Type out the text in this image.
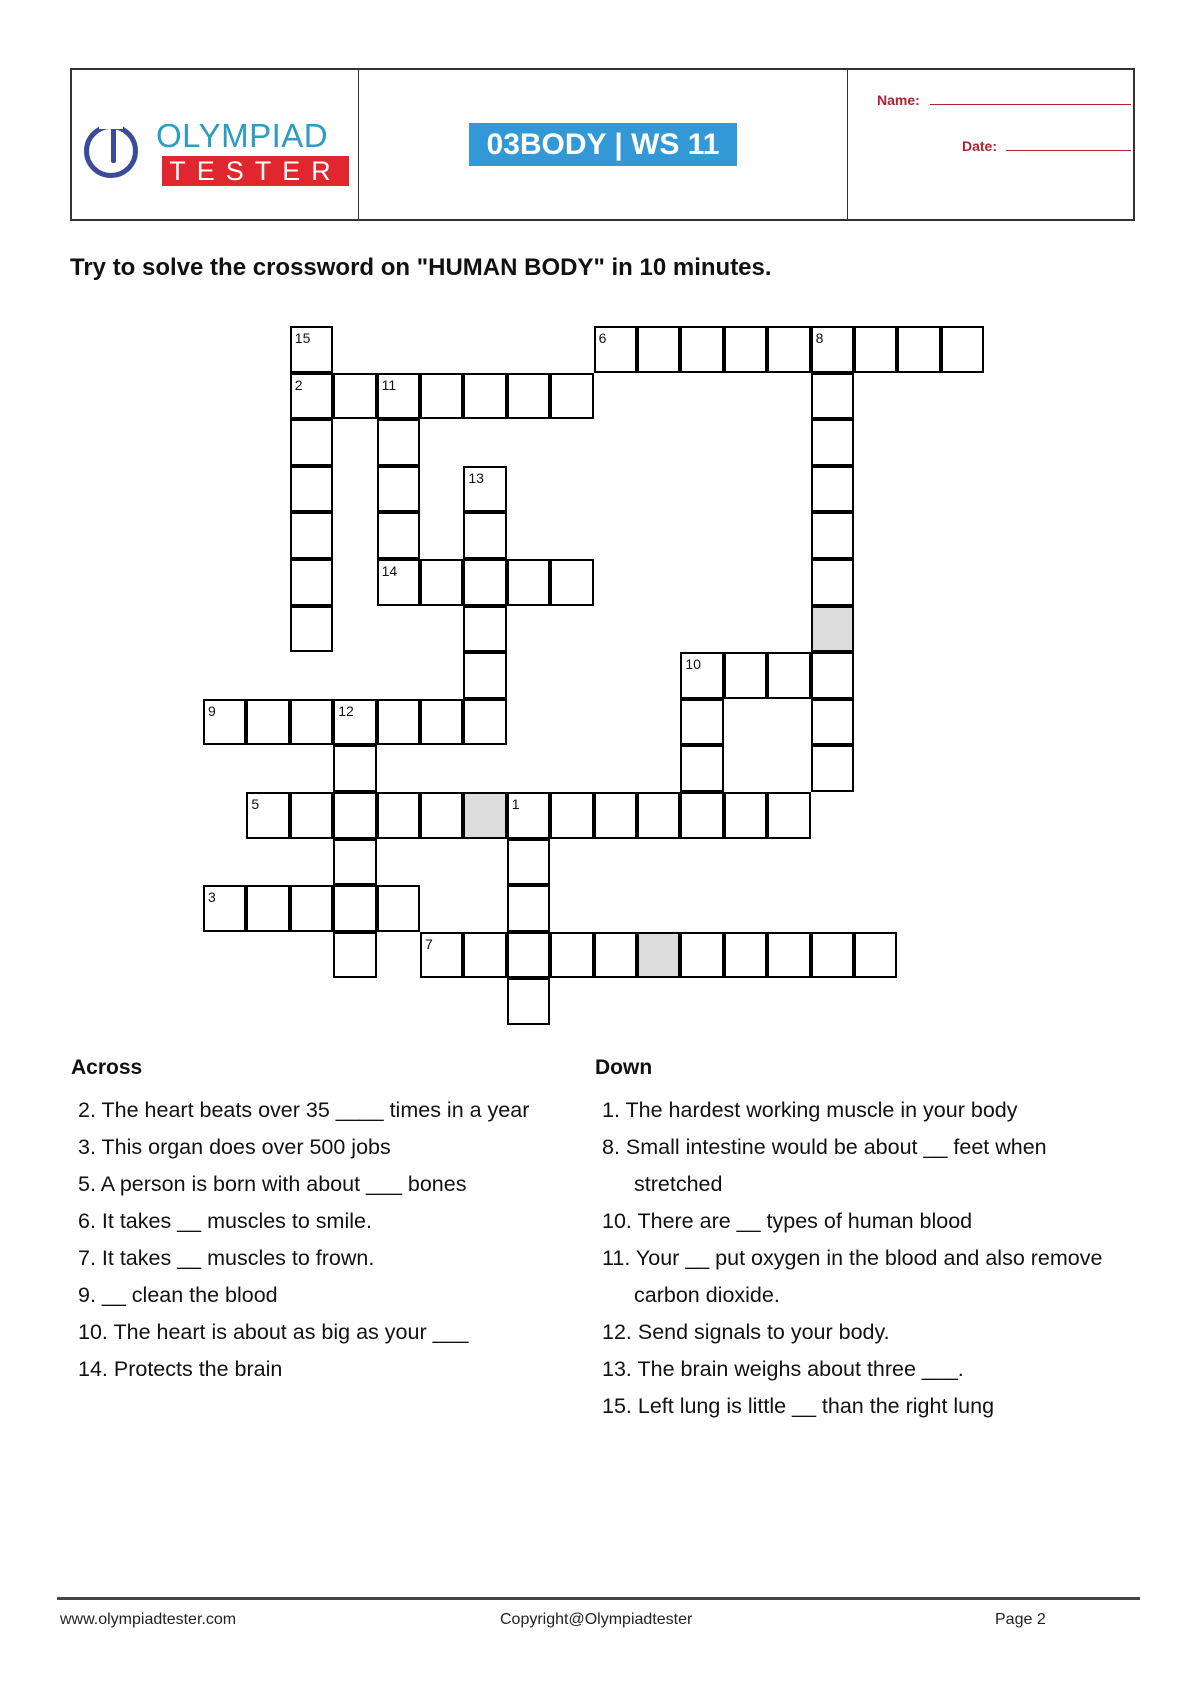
OLYMPIAD
TESTER
03BODY | WS 11
Name:
Date:
Try to solve the crossword on "HUMAN BODY" in 10 minutes.
15	6	8
2	11
13
14
10
9	12
5	1
3
7
Across
2. The heart beats over 35 ____ times in a year
3. This organ does over 500 jobs
5. A person is born with about ___ bones
6. It takes __ muscles to smile.
7. It takes __ muscles to frown.
9. __ clean the blood
10. The heart is about as big as your ___
14. Protects the brain
Down
1. The hardest working muscle in your body
8. Small intestine would be about __ feet when stretched
10. There are __ types of human blood
11. Your __ put oxygen in the blood and also remove carbon dioxide.
12. Send signals to your body.
13. The brain weighs about three ___.
15. Left lung is little __ than the right lung
www.olympiadtester.com	Copyright@Olympiadtester	Page 2
